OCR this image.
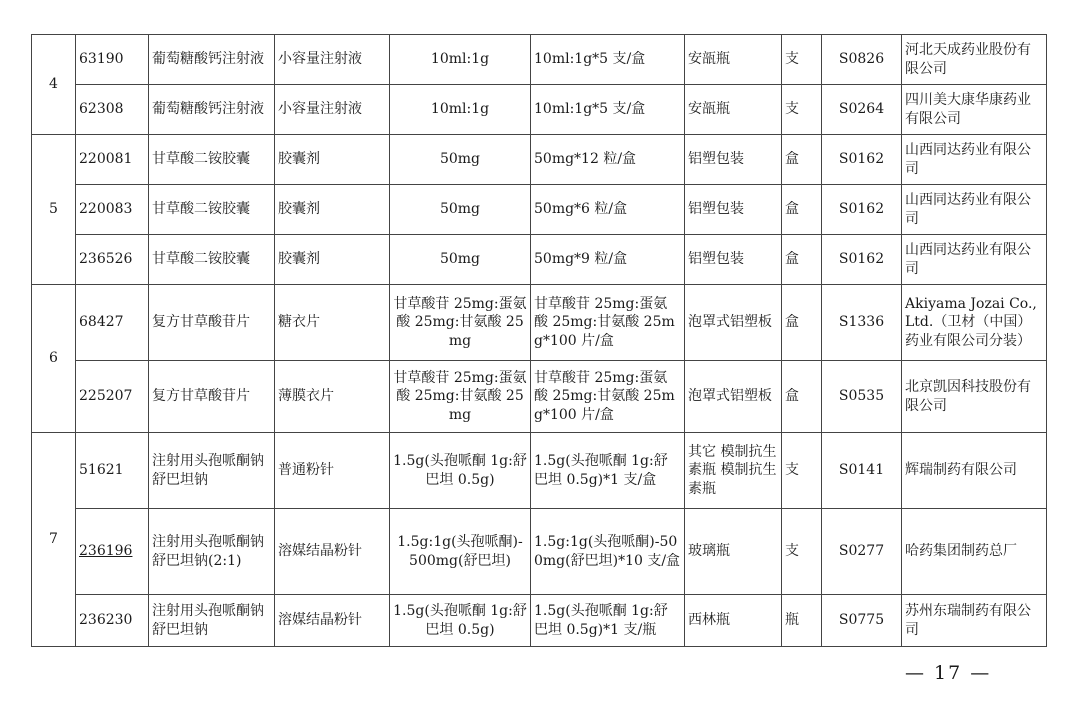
4	63190	葡萄糖酸钙注射液	小容量注射液	10ml:1g	10ml:1g*5 支/盒	安瓿瓶	支	S0826	河北天成药业股份有限公司
	62308	葡萄糖酸钙注射液	小容量注射液	10ml:1g	10ml:1g*5 支/盒	安瓿瓶	支	S0264	四川美大康华康药业有限公司
5	220081	甘草酸二铵胶囊	胶囊剂	50mg	50mg*12 粒/盒	铝塑包装	盒	S0162	山西同达药业有限公司
	220083	甘草酸二铵胶囊	胶囊剂	50mg	50mg*6 粒/盒	铝塑包装	盒	S0162	山西同达药业有限公司
	236526	甘草酸二铵胶囊	胶囊剂	50mg	50mg*9 粒/盒	铝塑包装	盒	S0162	山西同达药业有限公司
6	68427	复方甘草酸苷片	糖衣片	甘草酸苷 25mg:蛋氨酸 25mg:甘氨酸 25mg	甘草酸苷 25mg:蛋氨酸 25mg:甘氨酸 25mg*100 片/盒	泡罩式铝塑板	盒	S1336	Akiyama Jozai Co., Ltd.（卫材（中国）药业有限公司分装）
	225207	复方甘草酸苷片	薄膜衣片	甘草酸苷 25mg:蛋氨酸 25mg:甘氨酸 25mg	甘草酸苷 25mg:蛋氨酸 25mg:甘氨酸 25mg*100 片/盒	泡罩式铝塑板	盒	S0535	北京凯因科技股份有限公司
7	51621	注射用头孢哌酮钠舒巴坦钠	普通粉针	1.5g(头孢哌酮 1g:舒巴坦 0.5g)	1.5g(头孢哌酮 1g:舒巴坦 0.5g)*1 支/盒	其它 模制抗生素瓶 模制抗生素瓶	支	S0141	辉瑞制药有限公司
	236196	注射用头孢哌酮钠舒巴坦钠(2:1)	溶媒结晶粉针	1.5g:1g(头孢哌酮)-500mg(舒巴坦)	1.5g:1g(头孢哌酮)-500mg(舒巴坦)*10 支/盒	玻璃瓶	支	S0277	哈药集团制药总厂
	236230	注射用头孢哌酮钠舒巴坦钠	溶媒结晶粉针	1.5g(头孢哌酮 1g:舒巴坦 0.5g)	1.5g(头孢哌酮 1g:舒巴坦 0.5g)*1 支/瓶	西林瓶	瓶	S0775	苏州东瑞制药有限公司
— 17 —
